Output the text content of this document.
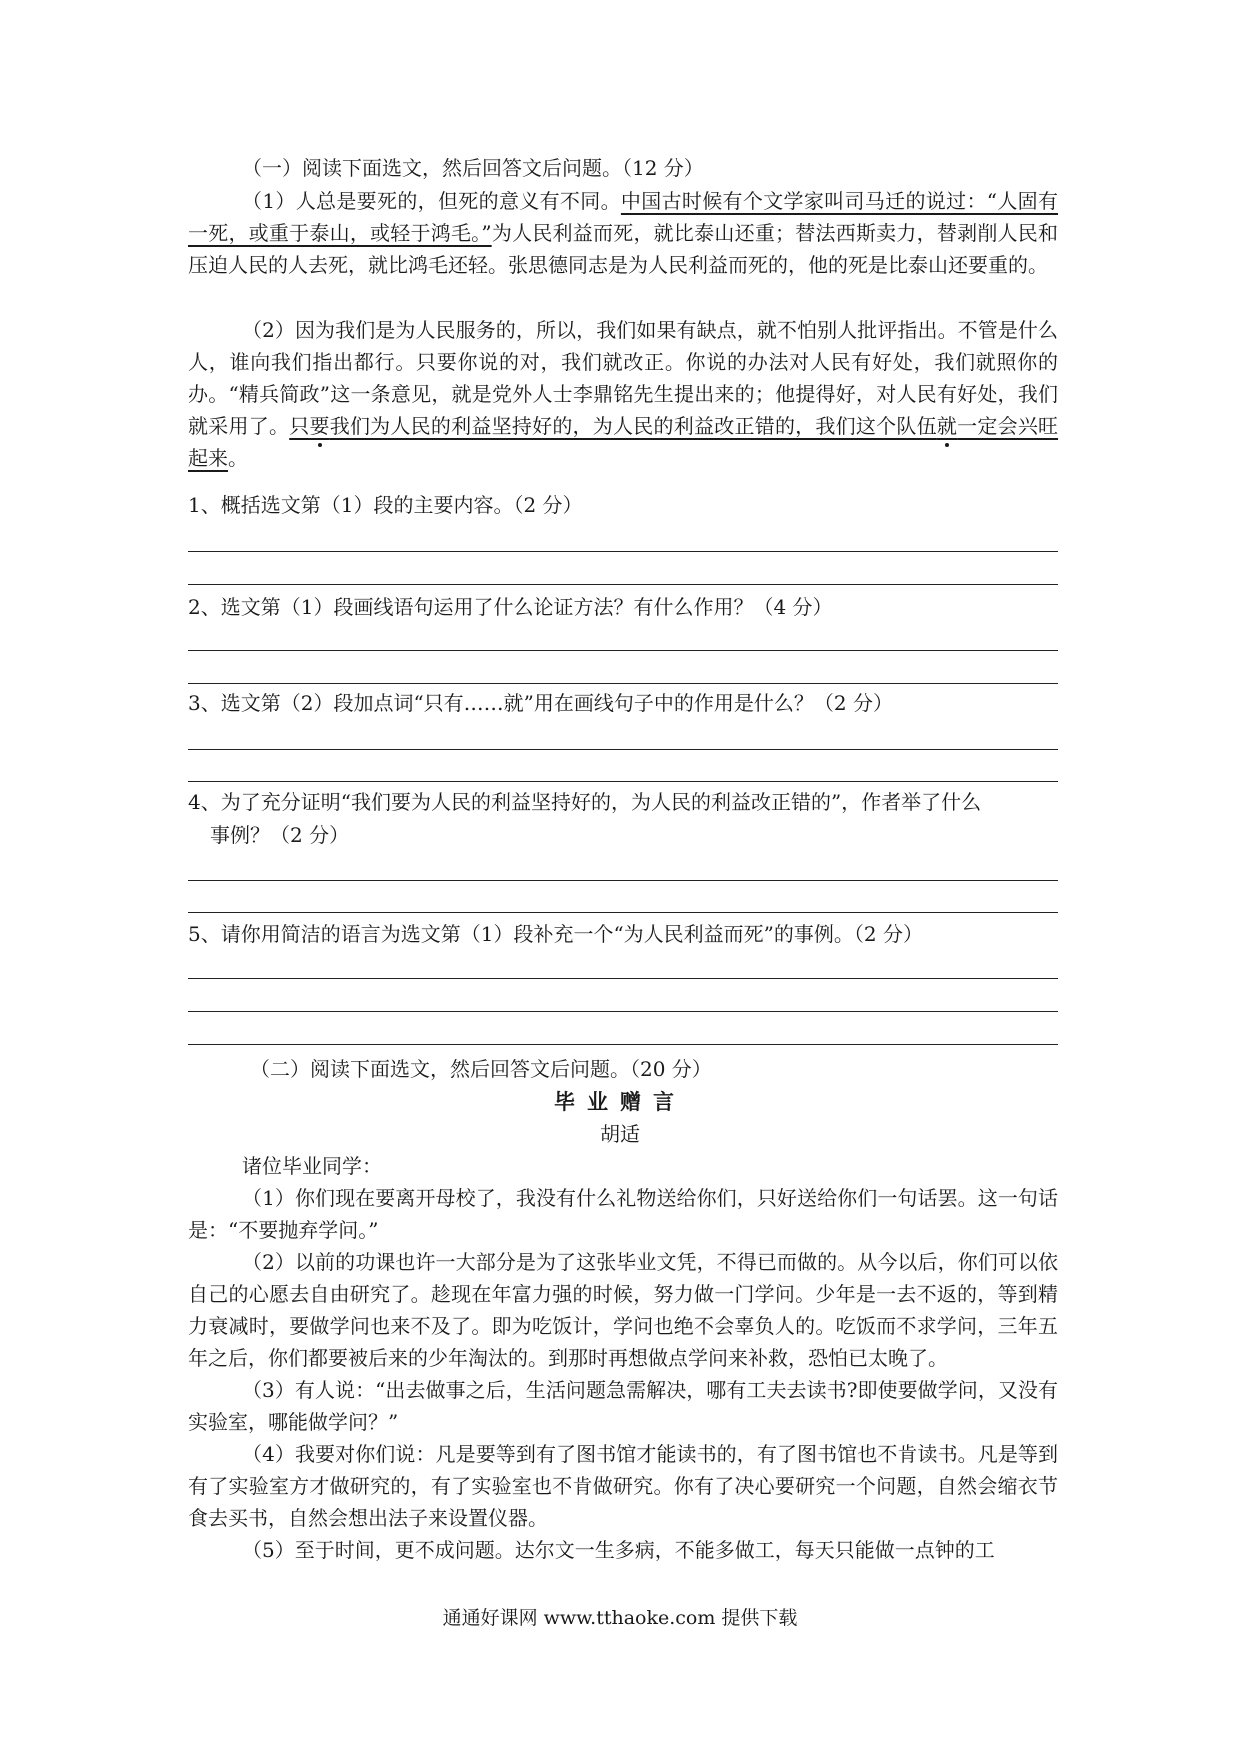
（一）阅读下面选文，然后回答文后问题。（12 分）

（1）人总是要死的，但死的意义有不同。中国古时候有个文学家叫司马迁的说过：“人固有一死，或重于泰山，或轻于鸿毛。”为人民利益而死，就比泰山还重；替法西斯卖力，替剥削人民和压迫人民的人去死，就比鸿毛还轻。张思德同志是为人民利益而死的，他的死是比泰山还要重的。

（2）因为我们是为人民服务的，所以，我们如果有缺点，就不怕别人批评指出。不管是什么人，谁向我们指出都行。只要你说的对，我们就改正。你说的办法对人民有好处，我们就照你的办。“精兵简政”这一条意见，就是党外人士李鼎铭先生提出来的；他提得好，对人民有好处，我们就采用了。只要我们为人民的利益坚持好的，为人民的利益改正错的，我们这个队伍就一定会兴旺起来。

1、概括选文第（1）段的主要内容。（2 分）
2、选文第（1）段画线语句运用了什么论证方法？有什么作用？（4 分）
3、选文第（2）段加点词“只有……就”用在画线句子中的作用是什么？（2 分）
4、为了充分证明“我们要为人民的利益坚持好的，为人民的利益改正错的”，作者举了什么
事例？（2 分）
5、请你用简洁的语言为选文第（1）段补充一个“为人民利益而死”的事例。（2 分）

（二）阅读下面选文，然后回答文后问题。（20 分）

毕业赠言
胡适

诸位毕业同学：

（1）你们现在要离开母校了，我没有什么礼物送给你们，只好送给你们一句话罢。这一句话是：“不要抛弃学问。”

（2）以前的功课也许一大部分是为了这张毕业文凭，不得已而做的。从今以后，你们可以依自己的心愿去自由研究了。趁现在年富力强的时候，努力做一门学问。少年是一去不返的，等到精力衰减时，要做学问也来不及了。即为吃饭计，学问也绝不会辜负人的。吃饭而不求学问，三年五年之后，你们都要被后来的少年淘汰的。到那时再想做点学问来补救，恐怕已太晚了。

（3）有人说：“出去做事之后，生活问题急需解决，哪有工夫去读书?即使要做学问，又没有实验室，哪能做学问？”

（4）我要对你们说：凡是要等到有了图书馆才能读书的，有了图书馆也不肯读书。凡是等到有了实验室方才做研究的，有了实验室也不肯做研究。你有了决心要研究一个问题，自然会缩衣节食去买书，自然会想出法子来设置仪器。

（5）至于时间，更不成问题。达尔文一生多病，不能多做工，每天只能做一点钟的工

通通好课网 www.tthaoke.com 提供下载
